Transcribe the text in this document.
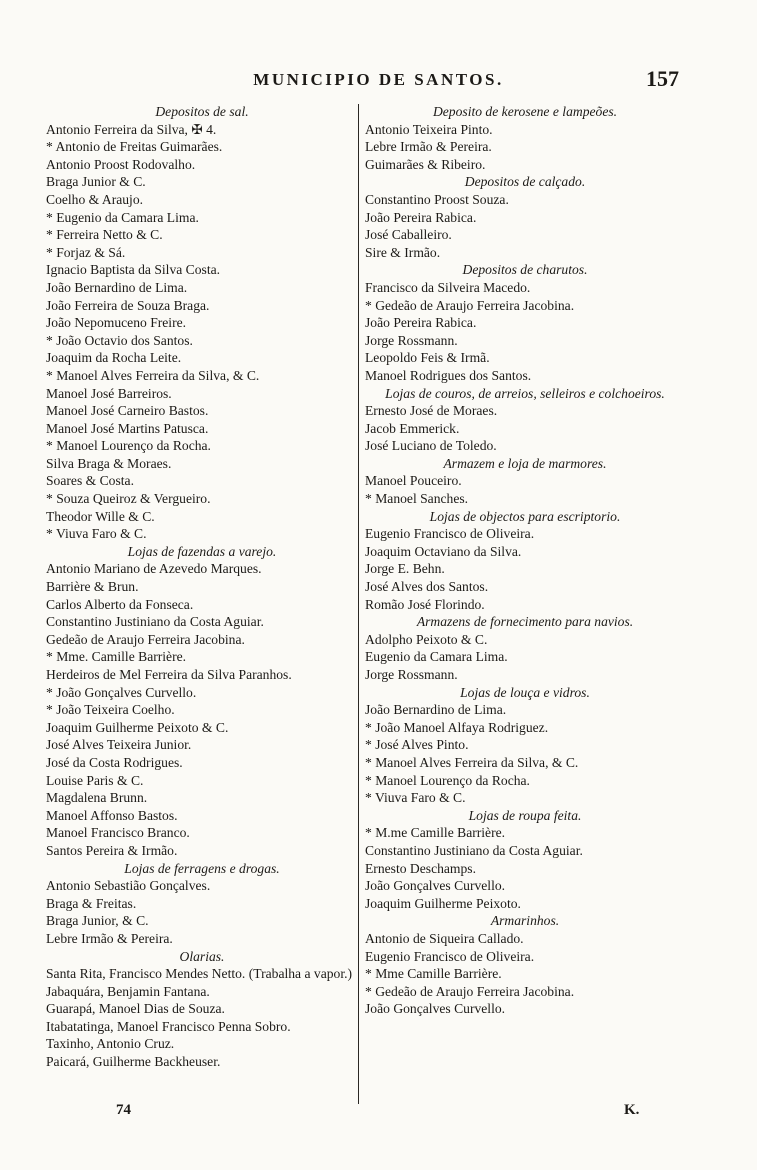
MUNICIPIO DE SANTOS.	157
Depositos de sal.
Antonio Ferreira da Silva, ✠ 4.
* Antonio de Freitas Guimarães.
Antonio Proost Rodovalho.
Braga Junior & C.
Coelho & Araujo.
* Eugenio da Camara Lima.
* Ferreira Netto & C.
* Forjaz & Sá.
Ignacio Baptista da Silva Costa.
João Bernardino de Lima.
João Ferreira de Souza Braga.
João Nepomuceno Freire.
* João Octavio dos Santos.
Joaquim da Rocha Leite.
* Manoel Alves Ferreira da Silva, & C.
Manoel José Barreiros.
Manoel José Carneiro Bastos.
Manoel José Martins Patusca.
* Manoel Lourenço da Rocha.
Silva Braga & Moraes.
Soares & Costa.
* Souza Queiroz & Vergueiro.
Theodor Wille & C.
* Viuva Faro & C.
Lojas de fazendas a varejo.
Antonio Mariano de Azevedo Marques.
Barrière & Brun.
Carlos Alberto da Fonseca.
Constantino Justiniano da Costa Aguiar.
Gedeão de Araujo Ferreira Jacobina.
* Mme. Camille Barrière.
Herdeiros de Mel Ferreira da Silva Paranhos.
* João Gonçalves Curvello.
* João Teixeira Coelho.
Joaquim Guilherme Peixoto & C.
José Alves Teixeira Junior.
José da Costa Rodrigues.
Louise Paris & C.
Magdalena Brunn.
Manoel Affonso Bastos.
Manoel Francisco Branco.
Santos Pereira & Irmão.
Lojas de ferragens e drogas.
Antonio Sebastião Gonçalves.
Braga & Freitas.
Braga Junior, & C.
Lebre Irmão & Pereira.
Olarias.
Santa Rita, Francisco Mendes Netto. (Trabalha a vapor.)
Jabaquára, Benjamin Fantana.
Guarapá, Manoel Dias de Souza.
Itabatatinga, Manoel Francisco Penna Sobro.
Taxinho, Antonio Cruz.
Paicará, Guilherme Backheuser.
Deposito de kerosene e lampeões.
Antonio Teixeira Pinto.
Lebre Irmão & Pereira.
Guimarães & Ribeiro.
Depositos de calçado.
Constantino Proost Souza.
João Pereira Rabica.
José Caballeiro.
Sire & Irmão.
Depositos de charutos.
Francisco da Silveira Macedo.
* Gedeão de Araujo Ferreira Jacobina.
João Pereira Rabica.
Jorge Rossmann.
Leopoldo Feis & Irmã.
Manoel Rodrigues dos Santos.
Lojas de couros, de arreios, selleiros e colchoeiros.
Ernesto José de Moraes.
Jacob Emmerick.
José Luciano de Toledo.
Armazem e loja de marmores.
Manoel Pouceiro.
* Manoel Sanches.
Lojas de objectos para escriptorio.
Eugenio Francisco de Oliveira.
Joaquim Octaviano da Silva.
Jorge E. Behn.
José Alves dos Santos.
Romão José Florindo.
Armazens de fornecimento para navios.
Adolpho Peixoto & C.
Eugenio da Camara Lima.
Jorge Rossmann.
Lojas de louça e vidros.
João Bernardino de Lima.
* João Manoel Alfaya Rodriguez.
* José Alves Pinto.
* Manoel Alves Ferreira da Silva, & C.
* Manoel Lourenço da Rocha.
* Viuva Faro & C.
Lojas de roupa feita.
* M.me Camille Barrière.
Constantino Justiniano da Costa Aguiar.
Ernesto Deschamps.
João Gonçalves Curvello.
Joaquim Guilherme Peixoto.
Armarinhos.
Antonio de Siqueira Callado.
Eugenio Francisco de Oliveira.
* Mme Camille Barrière.
* Gedeão de Araujo Ferreira Jacobina.
João Gonçalves Curvello.
74	K.
